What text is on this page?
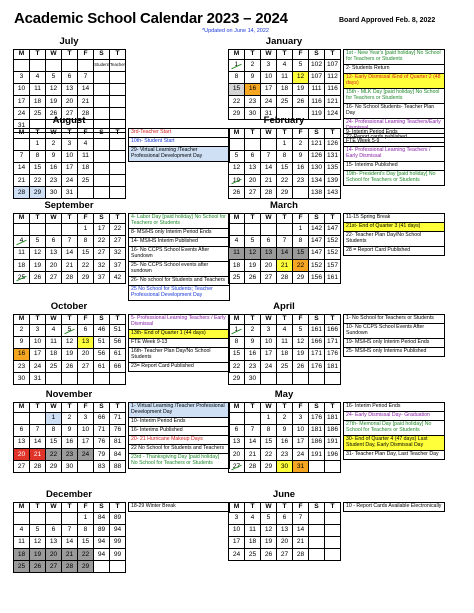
Academic School Calendar 2023 – 2024	Board Approved Feb. 8, 2022
*Updated on June 14, 2022
July
M	T	W	T	F	S	T
					Student	Teacher
3	4	5	6	7		
10	11	12	13	14		
17	18	19	20	21		
24	25	26	27	28		
31						
January
M	T	W	T	F	S	T
1	2	3	4	5	102	107
8	9	10	11	12	107	112
15	16	17	18	19	111	116
22	23	24	25	26	116	121
29	30	31			119	124
1st - New Year's [paid holiday] No School for Teachers or Students
2- Students Return
12- Early Dismissal /End of Quarter 2 (48 days)
15th - MLK Day [paid holiday] No School for Teachers or Students
16- No School Students- Teacher Plan Day
24- Professional Learning Teachers/Early Dismissal
22-Report cards published
August
M	T	W	T	F	S	T
	1	2	3	4		
7	8	9	10	11		
14	15	16	17	18		
21	22	23	24	25		
28	29	30	31			
3rd-Teacher Start
10th- Student Start
29- Virtual Learning /Teacher Professional Development Day
February
M	T	W	T	F	S	T
			1	2	121	126
5	6	7	8	9	126	131
12	13	14	15	16	130	135
19	20	21	22	23	134	139
26	27	28	29		138	143
9- Interim Period Ends
FTE Week 5-9
14- Professional Learning Teachers / Early Dismissal
15- Interims Published
19th- President's Day [paid holiday] No School for Teachers or Students
September
M	T	W	T	F	S	T
				1	17	22
4	5	6	7	8	22	27
11	12	13	14	15	27	32
18	19	20	21	22	32	37
25	26	27	28	29	37	42
4- Labor Day [paid holiday] No School for Teachers or Students
8- MS/HS only Interim Period Ends
14- MS/HS Interim Published
16- No CCPS School Events After Sundown
25- No CCPS School events after sundown
26- No school for Students and Teachers
25 No School for Students; Teacher Professional Development Day
March
M	T	W	T	F	S	T
				1	142	147
4	5	6	7	8	147	152
11	12	13	14	15	147	152
18	19	20	21	22	152	157
25	26	27	28	29	156	161
11-15 Spring Break
21st- End of Quarter 3 (41 days)
22- Teacher Plan Day/No School Students
28 = Report Card Published
October
M	T	W	T	F	S	T
2	3	4	5	6	46	51
9	10	11	12	13	51	56
16	17	18	19	20	56	61
23	24	25	26	27	61	66
30	31					
5- Professional Learning Teachers / Early Dismissal
13th- End of Quarter 1 (44 days)
FTE Week 9-13
16th- Teacher Plan Day/No School Students
23= Report Card Published
April
M	T	W	T	F	S	T
1	2	3	4	5	161	166
8	9	10	11	12	166	171
15	16	17	18	19	171	176
22	23	24	25	26	176	181
29	30					
1- No School for Teachers or Students
10- No CCPS School Events After Sundown
19- MS/HS only Interim Period Ends
25- MS/HS only Interims Published
November
M	T	W	T	F	S	T
		1	2	3	66	71
6	7	8	9	10	71	76
13	14	15	16	17	76	81
20	21	22	23	24	79	84
27	28	29	30		83	88
1- Virtual Learning /Teacher Professional Development Day
10- Interim Period Ends
16- Interims Published
20- 21 Hurricane Makeup Days
22 No School for Students and Teachers
23rd - Thanksgiving Day [paid holiday] No School for Teachers or Students
May
M	T	W	T	F	S	T
		1	2	3	176	181
6	7	8	9	10	181	186
13	14	15	16	17	186	191
20	21	22	23	24	191	196
27	28	29	30	31		
16- Interim Period Ends
24- Early Dismissal Day- Graduation
27th- Memorial Day [paid holiday] No School for Teachers or Students
30- End of Quarter 4 (47 days) Last Student Day, Early Dismissal Day
31- Teacher Plan Day, Last Teacher Day
December
M	T	W	T	F	S	T
				1	84	89
4	5	6	7	8	89	94
11	12	13	14	15	94	99
18	19	20	21	22	94	99
25	26	27	28	29		
18-29 Winter Break
June
M	T	W	T	F	S	T
3	4	5	6	7		
10	11	12	13	14		
17	18	19	20	21		
24	25	26	27	28		
10 - Report Cards Available Electronically
